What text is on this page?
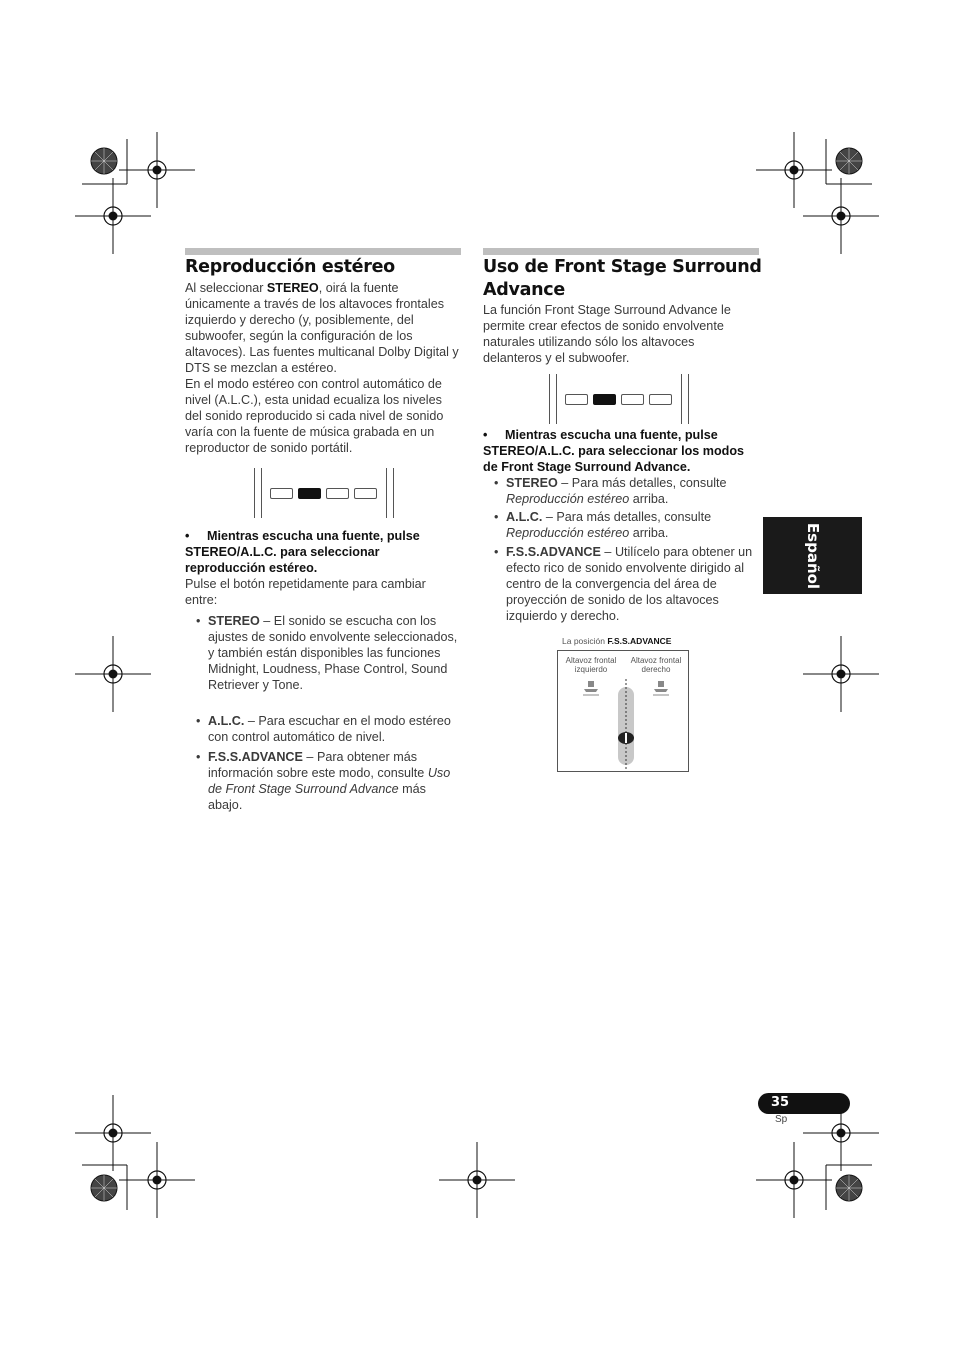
Reproducción estéreo
Al seleccionar STEREO, oirá la fuente únicamente a través de los altavoces frontales izquierdo y derecho (y, posiblemente, del subwoofer, según la configuración de los altavoces). Las fuentes multicanal Dolby Digital y DTS se mezclan a estéreo.
En el modo estéreo con control automático de nivel (A.L.C.), esta unidad ecualiza los niveles del sonido reproducido si cada nivel de sonido varía con la fuente de música grabada en un reproductor de sonido portátil.
• Mientras escucha una fuente, pulse STEREO/A.L.C. para seleccionar reproducción estéreo.
Pulse el botón repetidamente para cambiar entre:
• STEREO – El sonido se escucha con los ajustes de sonido envolvente seleccionados, y también están disponibles las funciones Midnight, Loudness, Phase Control, Sound Retriever y Tone.
• A.L.C. – Para escuchar en el modo estéreo con control automático de nivel.
• F.S.S.ADVANCE – Para obtener más información sobre este modo, consulte Uso de Front Stage Surround Advance más abajo.
Uso de Front Stage Surround
Advance
La función Front Stage Surround Advance le permite crear efectos de sonido envolvente naturales utilizando sólo los altavoces delanteros y el subwoofer.
• Mientras escucha una fuente, pulse STEREO/A.L.C. para seleccionar los modos de Front Stage Surround Advance.
• STEREO – Para más detalles, consulte Reproducción estéreo arriba.
• A.L.C. – Para más detalles, consulte Reproducción estéreo arriba.
• F.S.S.ADVANCE – Utilícelo para obtener un efecto rico de sonido envolvente dirigido al centro de la convergencia del área de proyección de sonido de los altavoces izquierdo y derecho.
La posición F.S.S.ADVANCE
Altavoz frontal izquierdo
Altavoz frontal derecho
Español
35
Sp
